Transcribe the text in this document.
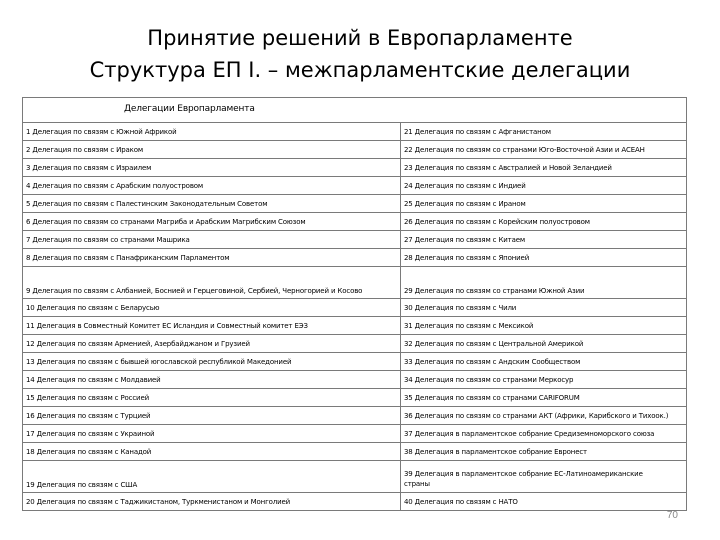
Принятие решений в Европарламенте
Структура ЕП I. – межпарламентские делегации
Делегации Европарламента	

1 Делегация по связям с Южной Африкой	21 Делегация по связям с Афганистаном
2 Делегация по связям с Ираком	22 Делегация по связям со странами Юго-Восточной Азии и АСЕАН
3 Делегация по связям с Израилем	23 Делегация по связям с Австралией и Новой Зеландией
4 Делегация по связям с Арабским полуостровом	24 Делегация по связям с Индией
5 Делегация по связям с Палестинским Законодательным Советом	25 Делегация по связям с Ираном
6 Делегация по связям со странами Магриба и Арабским Магрибским Союзом	26 Делегация по связям с Корейским полуостровом
7 Делегация по связям со странами Машрика	27 Делегация по связям с Китаем
8 Делегация по связям с Панафриканским Парламентом	28 Делегация по связям с Японией
9 Делегация по связям с Албанией, Боснией и Герцеговиной, Сербией, Черногорией и Косово	29 Делегация по связям со странами Южной Азии
10 Делегация по связям с Беларусью	30 Делегация по связям с Чили
11 Делегация в Совместный Комитет ЕС Исландия и Совместный комитет ЕЭЗ	31 Делегация по связям с Мексикой
12 Делегация по связям Арменией, Азербайджаном и Грузией	32 Делегация по связям с Центральной Америкой
13 Делегация по связям с бывшей югославской республикой Македонией	33 Делегация по связям с Андским Сообществом
14 Делегация по связям с Молдавией	34 Делегация по связям со странами Меркосур
15 Делегация по связям с Россией	35 Делегация по связям со странами CARIFORUM
16 Делегация по связям с Турцией	36 Делегация по связям со странами АКТ (Африки, Карибского и Тихоок.)
17 Делегация по связям с Украиной	37 Делегация в парламентское собрание Средиземноморского союза
18 Делегация по связям с Канадой	38 Делегация в парламентское собрание Евронест
19 Делегация по связям с США	39 Делегация в парламентское собрание ЕС-Латиноамериканские страны
20 Делегация по связям с Таджикистаном, Туркменистаном и Монголией	40 Делегация по связям с НАТО
70
